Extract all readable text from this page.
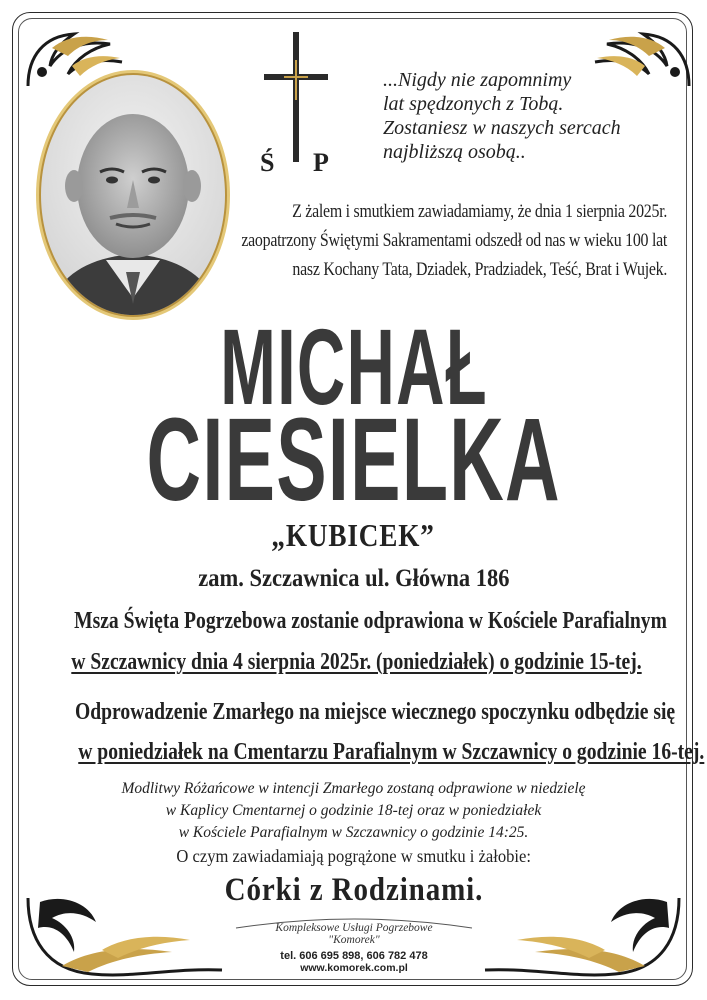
Ś P
...Nigdy nie zapomnimy
lat spędzonych z Tobą.
Zostaniesz w naszych sercach
najbliższą osobą..
Z żalem i smutkiem zawiadamiamy, że dnia 1 sierpnia 2025r.
zaopatrzony Świętymi Sakramentami odszedł od nas w wieku 100 lat
nasz Kochany Tata, Dziadek, Pradziadek, Teść, Brat i Wujek.
MICHAŁ
CIESIELKA
„KUBICEK”
zam. Szczawnica ul. Główna 186
Msza Święta Pogrzebowa zostanie odprawiona w Kościele Parafialnym
w Szczawnicy dnia 4 sierpnia 2025r. (poniedziałek) o godzinie 15-tej.
Odprowadzenie Zmarłego na miejsce wiecznego spoczynku odbędzie się
w poniedziałek na Cmentarzu Parafialnym w Szczawnicy o godzinie 16-tej.
Modlitwy Różańcowe w intencji Zmarłego zostaną odprawione w niedzielę
w Kaplicy Cmentarnej o godzinie 18-tej oraz w poniedziałek
w Kościele Parafialnym w Szczawnicy o godzinie 14:25.
O czym zawiadamiają pogrążone w smutku i żałobie:
Córki z Rodzinami.
Kompleksowe Usługi Pogrzebowe
"Komorek"
tel. 606 695 898, 606 782 478
www.komorek.com.pl
